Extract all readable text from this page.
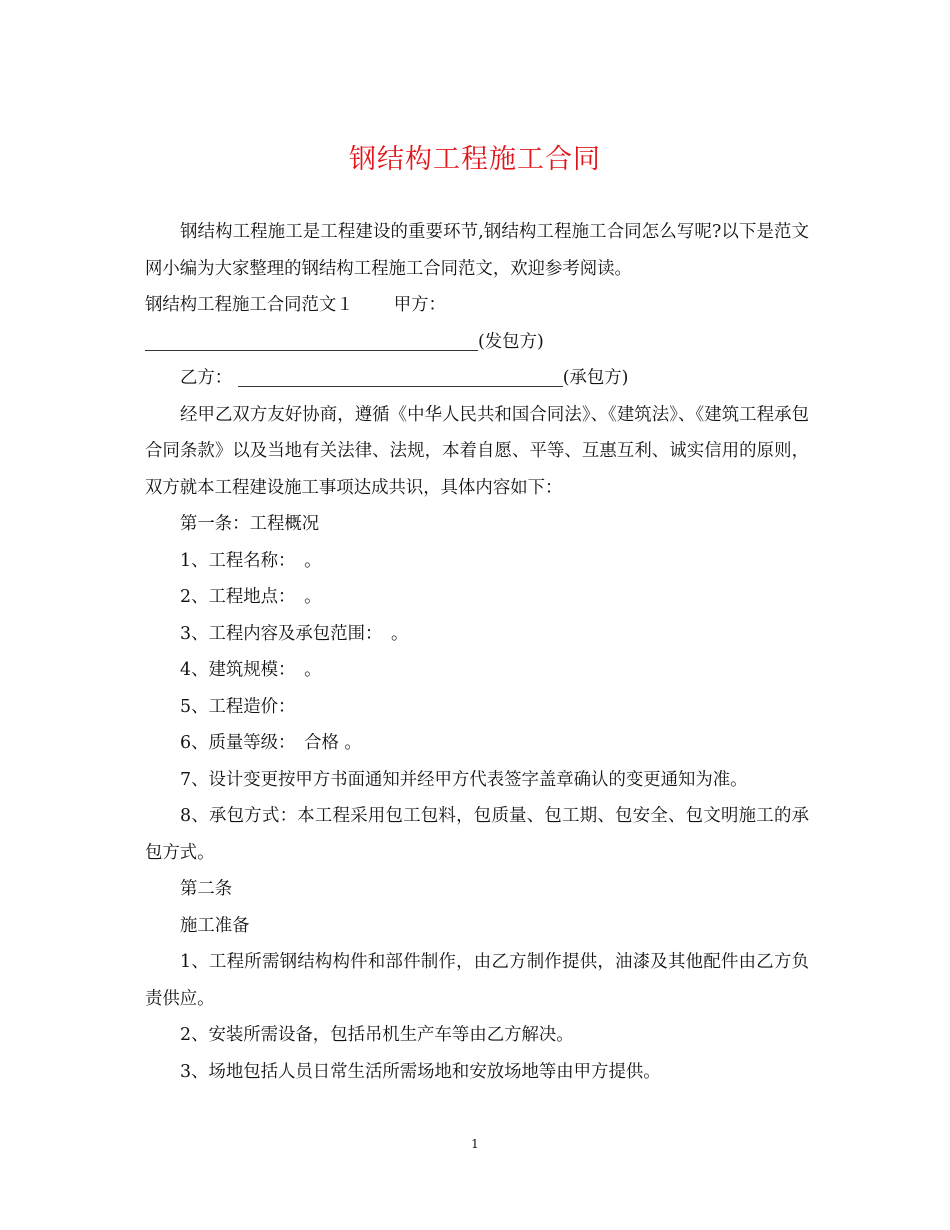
钢结构工程施工合同

钢结构工程施工是工程建设的重要环节,钢结构工程施工合同怎么写呢?以下是范文网小编为大家整理的钢结构工程施工合同范文，欢迎参考阅读。

钢结构工程施工合同范文１ 甲方：

(发包方)

乙方：	(承包方)

经甲乙双方友好协商，遵循《中华人民共和国合同法》、《建筑法》、《建筑工程承包合同条款》以及当地有关法律、法规，本着自愿、平等、互惠互利、诚实信用的原则，双方就本工程建设施工事项达成共识，具体内容如下：

第一条：工程概况

1、工程名称：　。

2、工程地点：　。

3、工程内容及承包范围：　。

4、建筑规模：　。

5、工程造价：

6、质量等级：　合格 。

7、设计变更按甲方书面通知并经甲方代表签字盖章确认的变更通知为准。

8、承包方式：本工程采用包工包料，包质量、包工期、包安全、包文明施工的承包方式。

第二条

施工准备

1、工程所需钢结构构件和部件制作，由乙方制作提供，油漆及其他配件由乙方负责供应。

2、安装所需设备，包括吊机生产车等由乙方解决。

3、场地包括人员日常生活所需场地和安放场地等由甲方提供。

1
